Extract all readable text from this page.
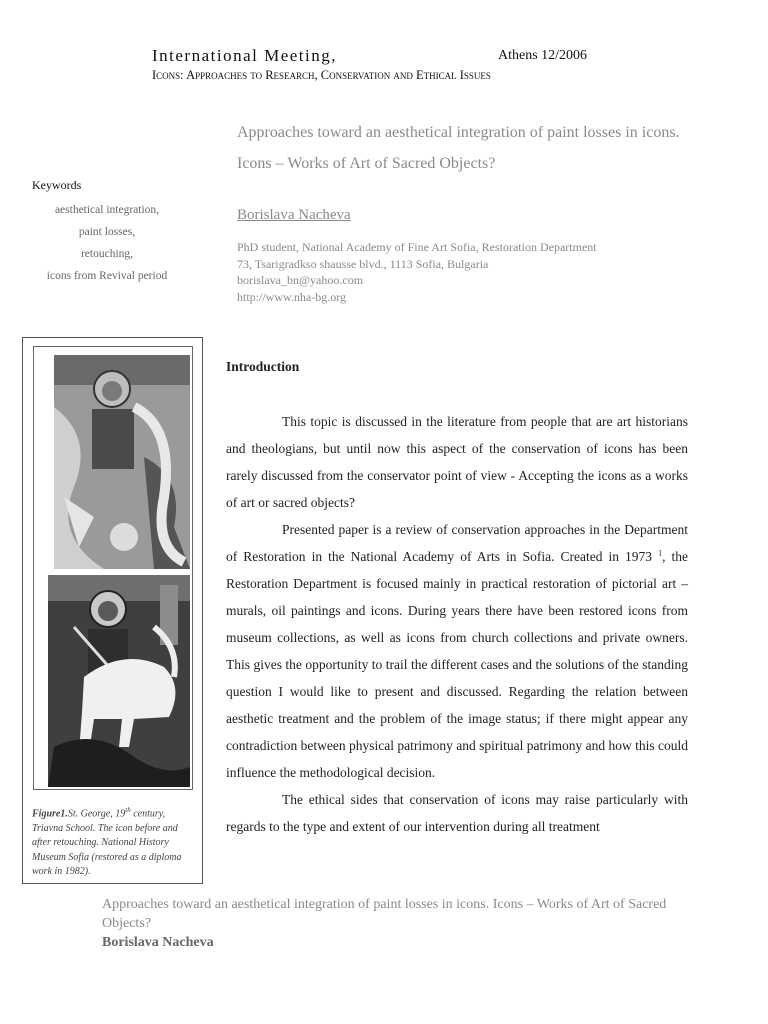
International Meeting,	Athens 12/2006
Icons: Approaches to Research, Conservation and Ethical Issues
Approaches toward an aesthetical integration of paint losses in icons. Icons – Works of Art of Sacred Objects?
Keywords
aesthetical integration,
paint losses,
retouching,
icons from Revival period
Borislava Nacheva
PhD student, National Academy of Fine Art Sofia, Restoration Department
73, Tsarigradkso shausse blvd., 1113 Sofia, Bulgaria
borislava_bn@yahoo.com
http://www.nha-bg.org
Figure1.St. George, 19th century, Triavna School. The icon before and after retouching. National History Museum Sofia (restored as a diploma work in 1982).
Introduction

This topic is discussed in the literature from people that are art historians and theologians, but until now this aspect of the conservation of icons has been rarely discussed from the conservator point of view - Accepting the icons as a works of art or sacred objects?

Presented paper is a review of conservation approaches in the Department of Restoration in the National Academy of Arts in Sofia. Created in 1973 $^1$, the Restoration Department is focused mainly in practical restoration of pictorial art – murals, oil paintings and icons. During years there have been restored icons from museum collections, as well as icons from church collections and private owners. This gives the opportunity to trail the different cases and the solutions of the standing question I would like to present and discussed. Regarding the relation between aesthetic treatment and the problem of the image status; if there might appear any contradiction between physical patrimony and spiritual patrimony and how this could influence the methodological decision.

The ethical sides that conservation of icons may raise particularly with regards to the type and extent of our intervention during all treatment

Approaches toward an aesthetical integration of paint losses in icons. Icons – Works of Art of Sacred Objects?
Borislava Nacheva
